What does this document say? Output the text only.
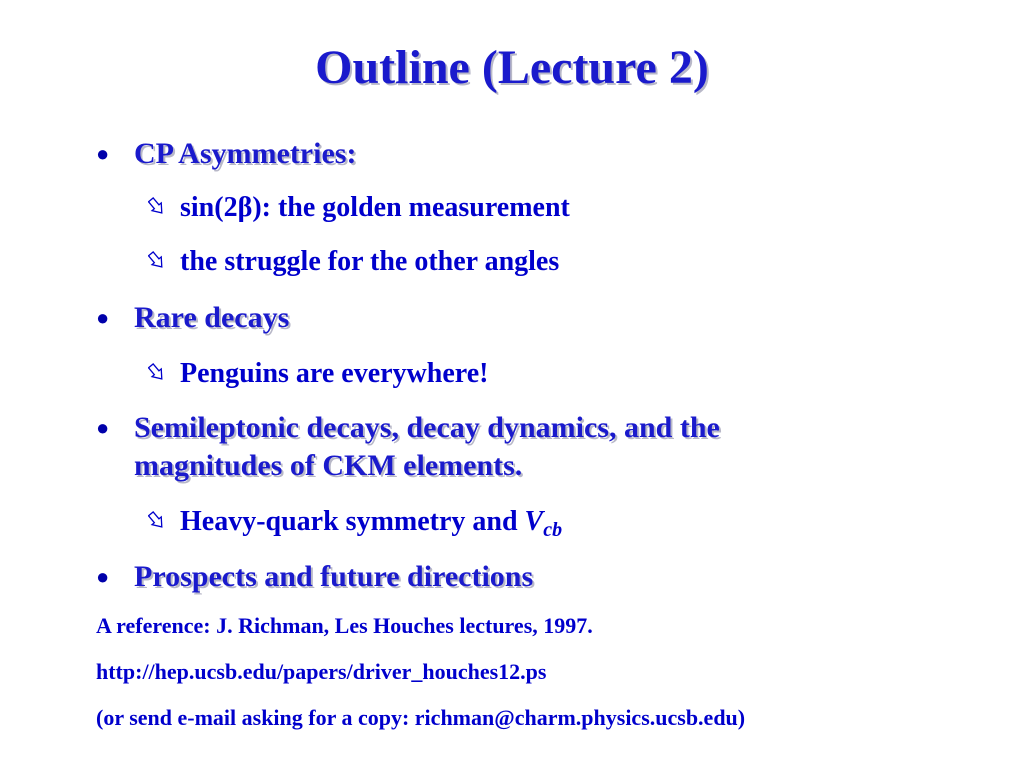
Outline (Lecture 2)
● CP Asymmetries:
sin(2β): the golden measurement
the struggle for the other angles
● Rare decays
Penguins are everywhere!
● Semileptonic decays, decay dynamics, and the
magnitudes of CKM elements.
Heavy-quark symmetry and $V_{cb}$
● Prospects and future directions
A reference: J. Richman, Les Houches lectures, 1997.
http://hep.ucsb.edu/papers/driver_houches12.ps
(or send e-mail asking for a copy: richman@charm.physics.ucsb.edu)
